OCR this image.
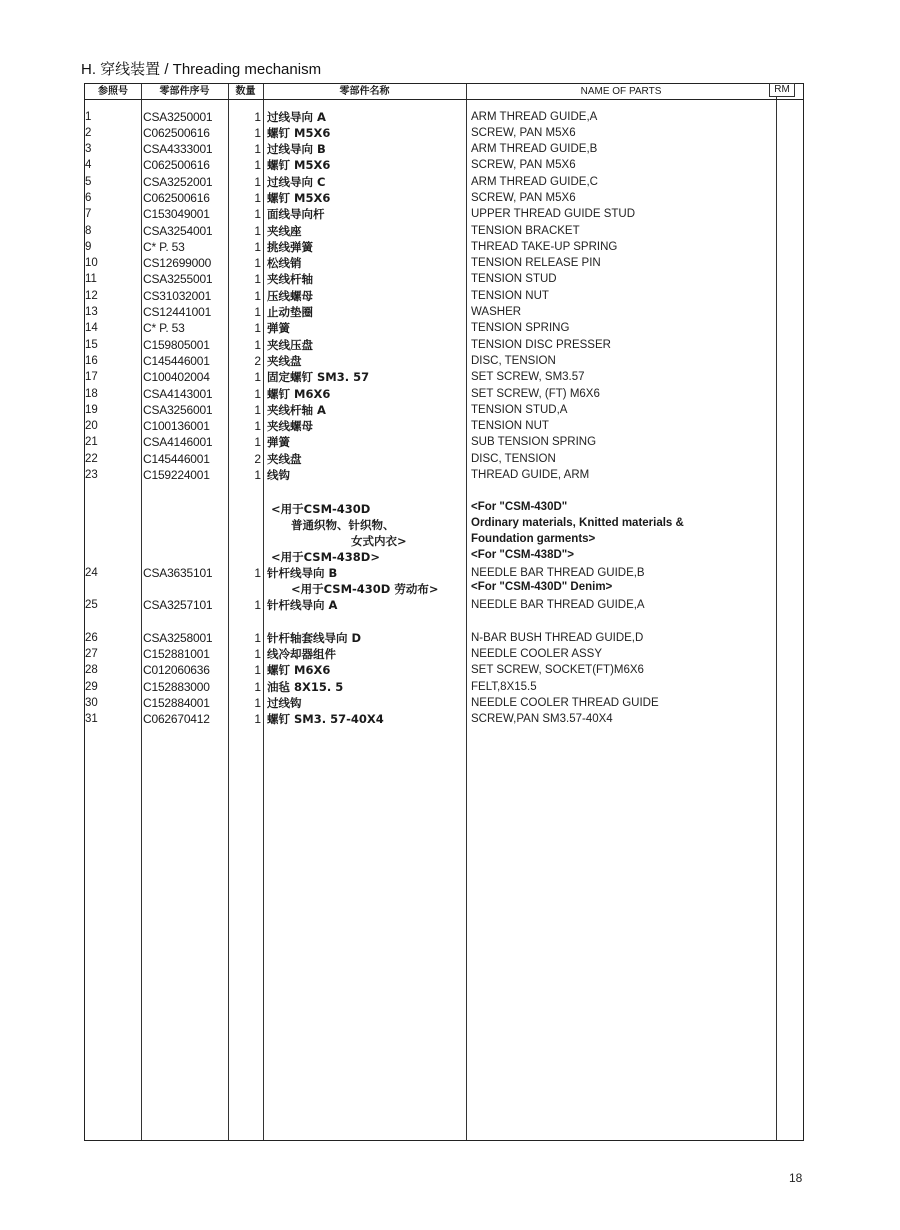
H. 穿线装置 / Threading mechanism
参照号	零部件序号	数量	零部件名称	NAME OF PARTS
1	CSA3250001	1 过线导向 A	ARM THREAD GUIDE,A
2	C062500616	1 螺钉 M5X6	SCREW, PAN M5X6
3	CSA4333001	1 过线导向 B	ARM THREAD GUIDE,B
4	C062500616	1 螺钉 M5X6	SCREW, PAN M5X6
5	CSA3252001	1 过线导向 C	ARM THREAD GUIDE,C
6	C062500616	1 螺钉 M5X6	SCREW, PAN M5X6
7	C153049001	1 面线导向杆	UPPER THREAD GUIDE STUD
8	CSA3254001	1 夹线座	TENSION BRACKET
9	C* P. 53	1 挑线弹簧	THREAD TAKE-UP SPRING
10	CS12699000	1 松线销	TENSION RELEASE PIN
11	CSA3255001	1 夹线杆轴	TENSION STUD
12	CS31032001	1 压线螺母	TENSION NUT
13	CS12441001	1 止动垫圈	WASHER
14	C* P. 53	1 弹簧	TENSION SPRING
15	C159805001	1 夹线压盘	TENSION DISC PRESSER
16	C145446001	2 夹线盘	DISC, TENSION
17	C100402004	1 固定螺钉 SM3. 57	SET SCREW, SM3.57
18	CSA4143001	1 螺钉 M6X6	SET SCREW, (FT) M6X6
19	CSA3256001	1 夹线杆轴 A	TENSION STUD,A
20	C100136001	1 夹线螺母	TENSION NUT
21	CSA4146001	1 弹簧	SUB TENSION SPRING
22	C145446001	2 夹线盘	DISC, TENSION
23	C159224001	1 线钩	THREAD GUIDE, ARM
24	CSA3635101	1 针杆线导向 B	NEEDLE BAR THREAD GUIDE,B
25	CSA3257101	1 针杆线导向 A	NEEDLE BAR THREAD GUIDE,A
26	CSA3258001	1 针杆轴套线导向 D	N-BAR BUSH THREAD GUIDE,D
27	C152881001	1 线冷却器组件	NEEDLE COOLER ASSY
28	C012060636	1 螺钉 M6X6	SET SCREW, SOCKET(FT)M6X6
29	C152883000	1 油毡 8X15. 5	FELT,8X15.5
30	C152884001	1 过线钩	NEEDLE COOLER THREAD GUIDE
31	C062670412	1 螺钉 SM3. 57-40X4	SCREW,PAN SM3.57-40X4
<用于CSM-430D
普通织物、针织物、
女式内衣>
<用于CSM-438D>
<用于CSM-430D 劳动布>
<For "CSM-430D"
Ordinary materials, Knitted materials &
Foundation garments>
<For "CSM-438D">
<For "CSM-430D" Denim>
RM
18
